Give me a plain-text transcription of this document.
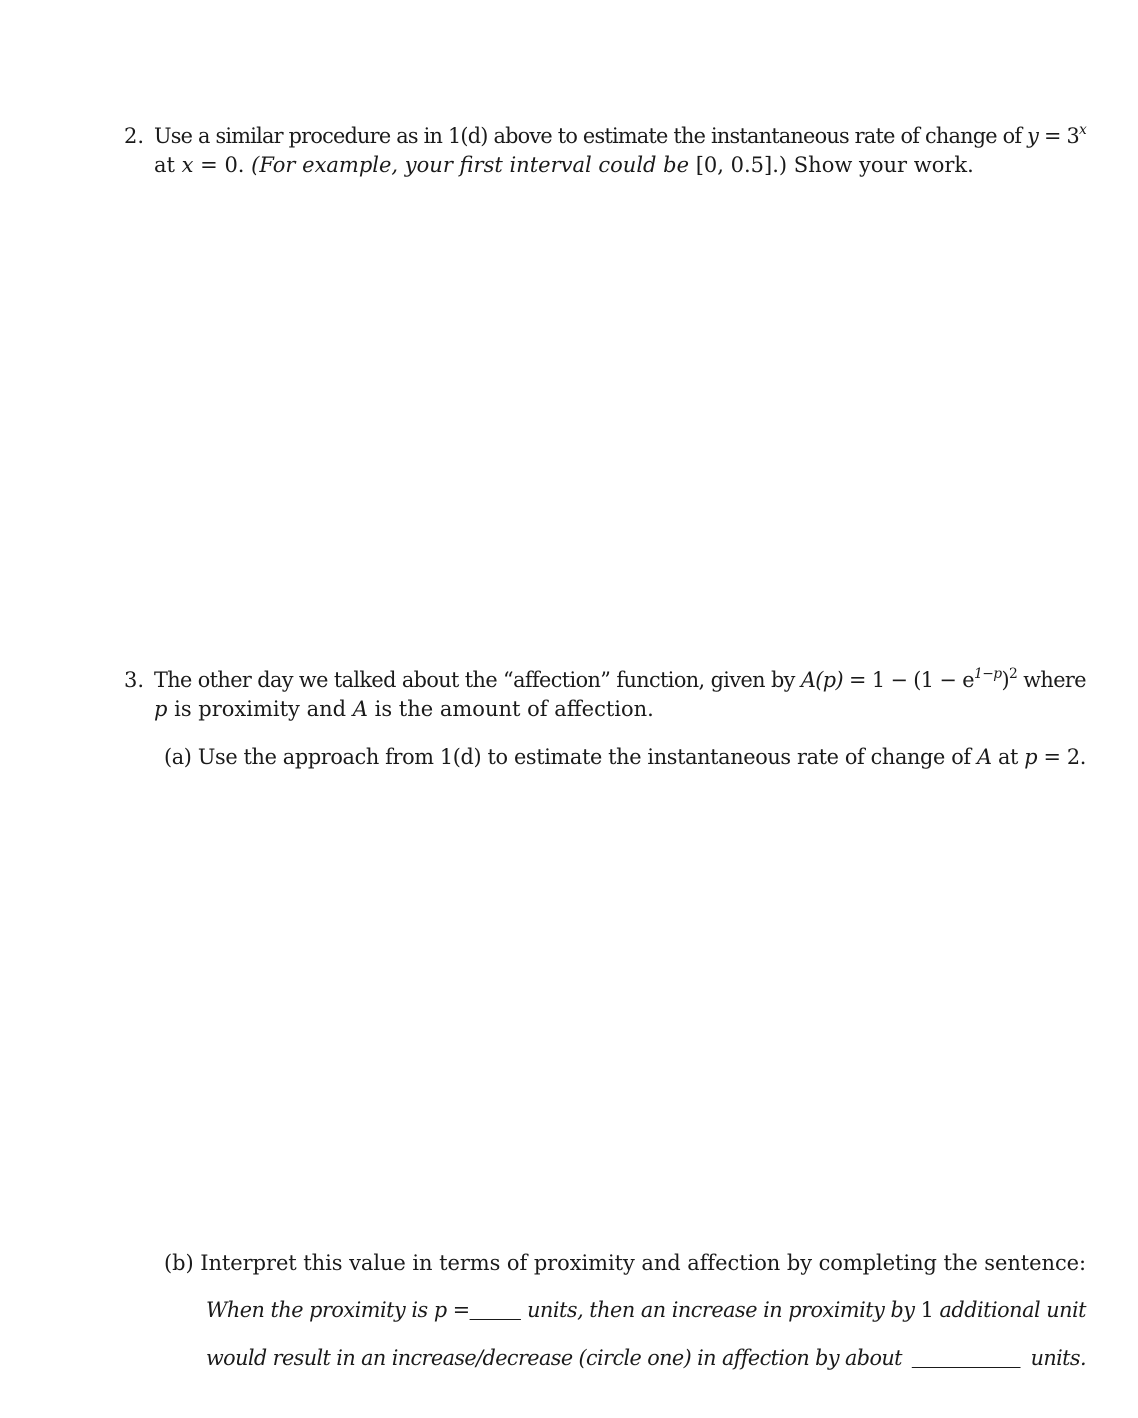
2. Use a similar procedure as in 1(d) above to estimate the instantaneous rate of change of $y = 3^x$
at x = 0. (For example, your first interval could be [0, 0.5].) Show your work.
3. The other day we talked about the “affection” function, given by $A(p) = 1 - (1 - e^{1-p})^2$ where
p is proximity and A is the amount of affection.
(a) Use the approach from 1(d) to estimate the instantaneous rate of change of A at p = 2.
(b) Interpret this value in terms of proximity and affection by completing the sentence:
When the proximity is p =	units, then an increase in proximity by 1 additional unit
would result in an increase/decrease (circle one) in affection by about	units.
